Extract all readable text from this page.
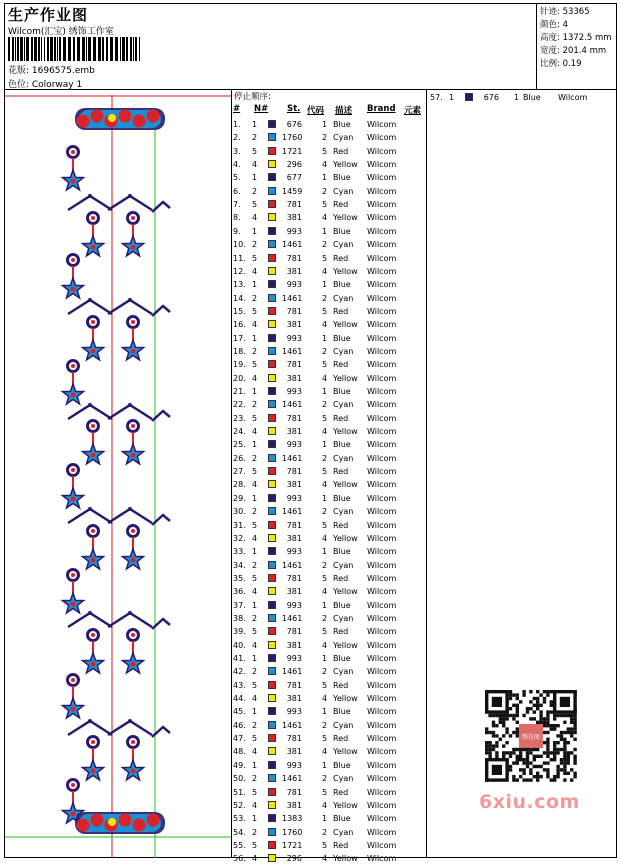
生产作业图
Wilcom(汇宝) 绣饰工作室
花版: 1696575.emb
色位: Colorway 1
针迹: 53365
颜色: 4
高度: 1372.5 mm
宽度: 201.4 mm
比例: 0.19
停止顺序:
# N# St. 代码 描述 Brand 元素
1. 1	676	1 Blue Wilcom
2. 2	1760 2 Cyan Wilcom
3. 5	1721 5 Red Wilcom
4. 4	296	4 Yellow Wilcom
5. 1	677	1 Blue Wilcom
6. 2	1459 2 Cyan Wilcom
7. 5	781	5 Red Wilcom
8. 4	381	4 Yellow Wilcom
9. 1	993	1 Blue Wilcom
10. 2	1461 2 Cyan Wilcom
11. 5	781	5 Red Wilcom
12. 4	381	4 Yellow Wilcom
13. 1	993	1 Blue Wilcom
14. 2	1461 2 Cyan Wilcom
15. 5	781	5 Red Wilcom
16. 4	381	4 Yellow Wilcom
17. 1	993	1 Blue Wilcom
18. 2	1461 2 Cyan Wilcom
19. 5	781	5 Red Wilcom
20. 4	381	4 Yellow Wilcom
21. 1	993	1 Blue Wilcom
22. 2	1461 2 Cyan Wilcom
23. 5	781	5 Red Wilcom
24. 4	381	4 Yellow Wilcom
25. 1	993	1 Blue Wilcom
26. 2	1461 2 Cyan Wilcom
27. 5	781	5 Red Wilcom
28. 4	381	4 Yellow Wilcom
29. 1	993	1 Blue Wilcom
30. 2	1461 2 Cyan Wilcom
31. 5	781	5 Red Wilcom
32. 4	381	4 Yellow Wilcom
33. 1	993	1 Blue Wilcom
34. 2	1461 2 Cyan Wilcom
35. 5	781	5 Red Wilcom
36. 4	381	4 Yellow Wilcom
37. 1	993	1 Blue Wilcom
38. 2	1461 2 Cyan Wilcom
39. 5	781	5 Red Wilcom
40. 4	381	4 Yellow Wilcom
41. 1	993	1 Blue Wilcom
42. 2	1461 2 Cyan Wilcom
43. 5	781	5 Red Wilcom
44. 4	381	4 Yellow Wilcom
45. 1	993	1 Blue Wilcom
46. 2	1461 2 Cyan Wilcom
47. 5	781	5 Red Wilcom
48. 4	381	4 Yellow Wilcom
49. 1	993	1 Blue Wilcom
50. 2	1461 2 Cyan Wilcom
51. 5	781	5 Red Wilcom
52. 4	381	4 Yellow Wilcom
53. 1	1383 1 Blue Wilcom
54. 2	1760 2 Cyan Wilcom
55. 5	1721 5 Red Wilcom
56. 4	296	4 Yellow Wilcom
57. 1	676 1 Blue Wilcom
绣花图
6xiu.com
